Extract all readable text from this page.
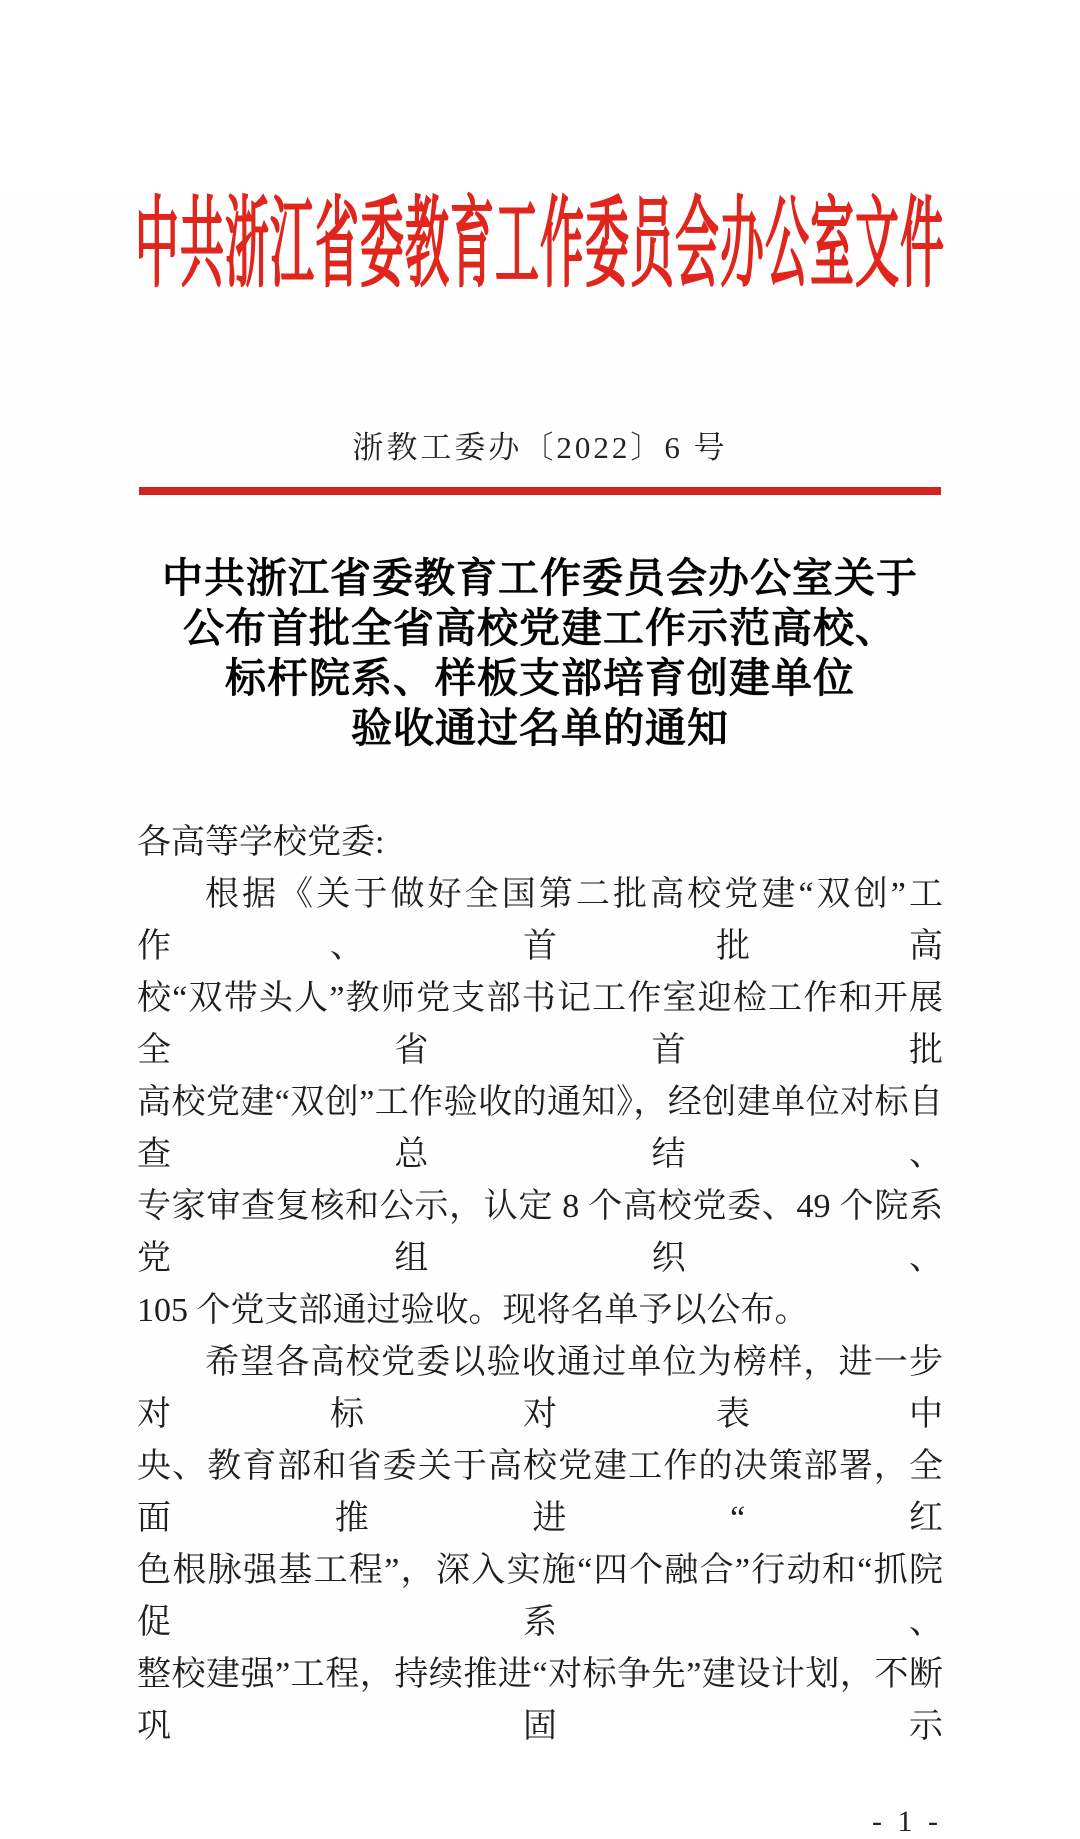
中共浙江省委教育工作委员会办公室文件
浙教工委办〔2022〕6 号
中共浙江省委教育工作委员会办公室关于
公布首批全省高校党建工作示范高校、
标杆院系、样板支部培育创建单位
验收通过名单的通知
各高等学校党委:
根据《关于做好全国第二批高校党建“双创”工作、首批高
校“双带头人”教师党支部书记工作室迎检工作和开展全省首批
高校党建“双创”工作验收的通知》，经创建单位对标自查总结、
专家审查复核和公示，认定 8 个高校党委、49 个院系党组织、
105 个党支部通过验收。现将名单予以公布。
希望各高校党委以验收通过单位为榜样，进一步对标对表中
央、教育部和省委关于高校党建工作的决策部署，全面推进“红
色根脉强基工程”，深入实施“四个融合”行动和“抓院促系、
整校建强”工程，持续推进“对标争先”建设计划，不断巩固示
- 1 -
